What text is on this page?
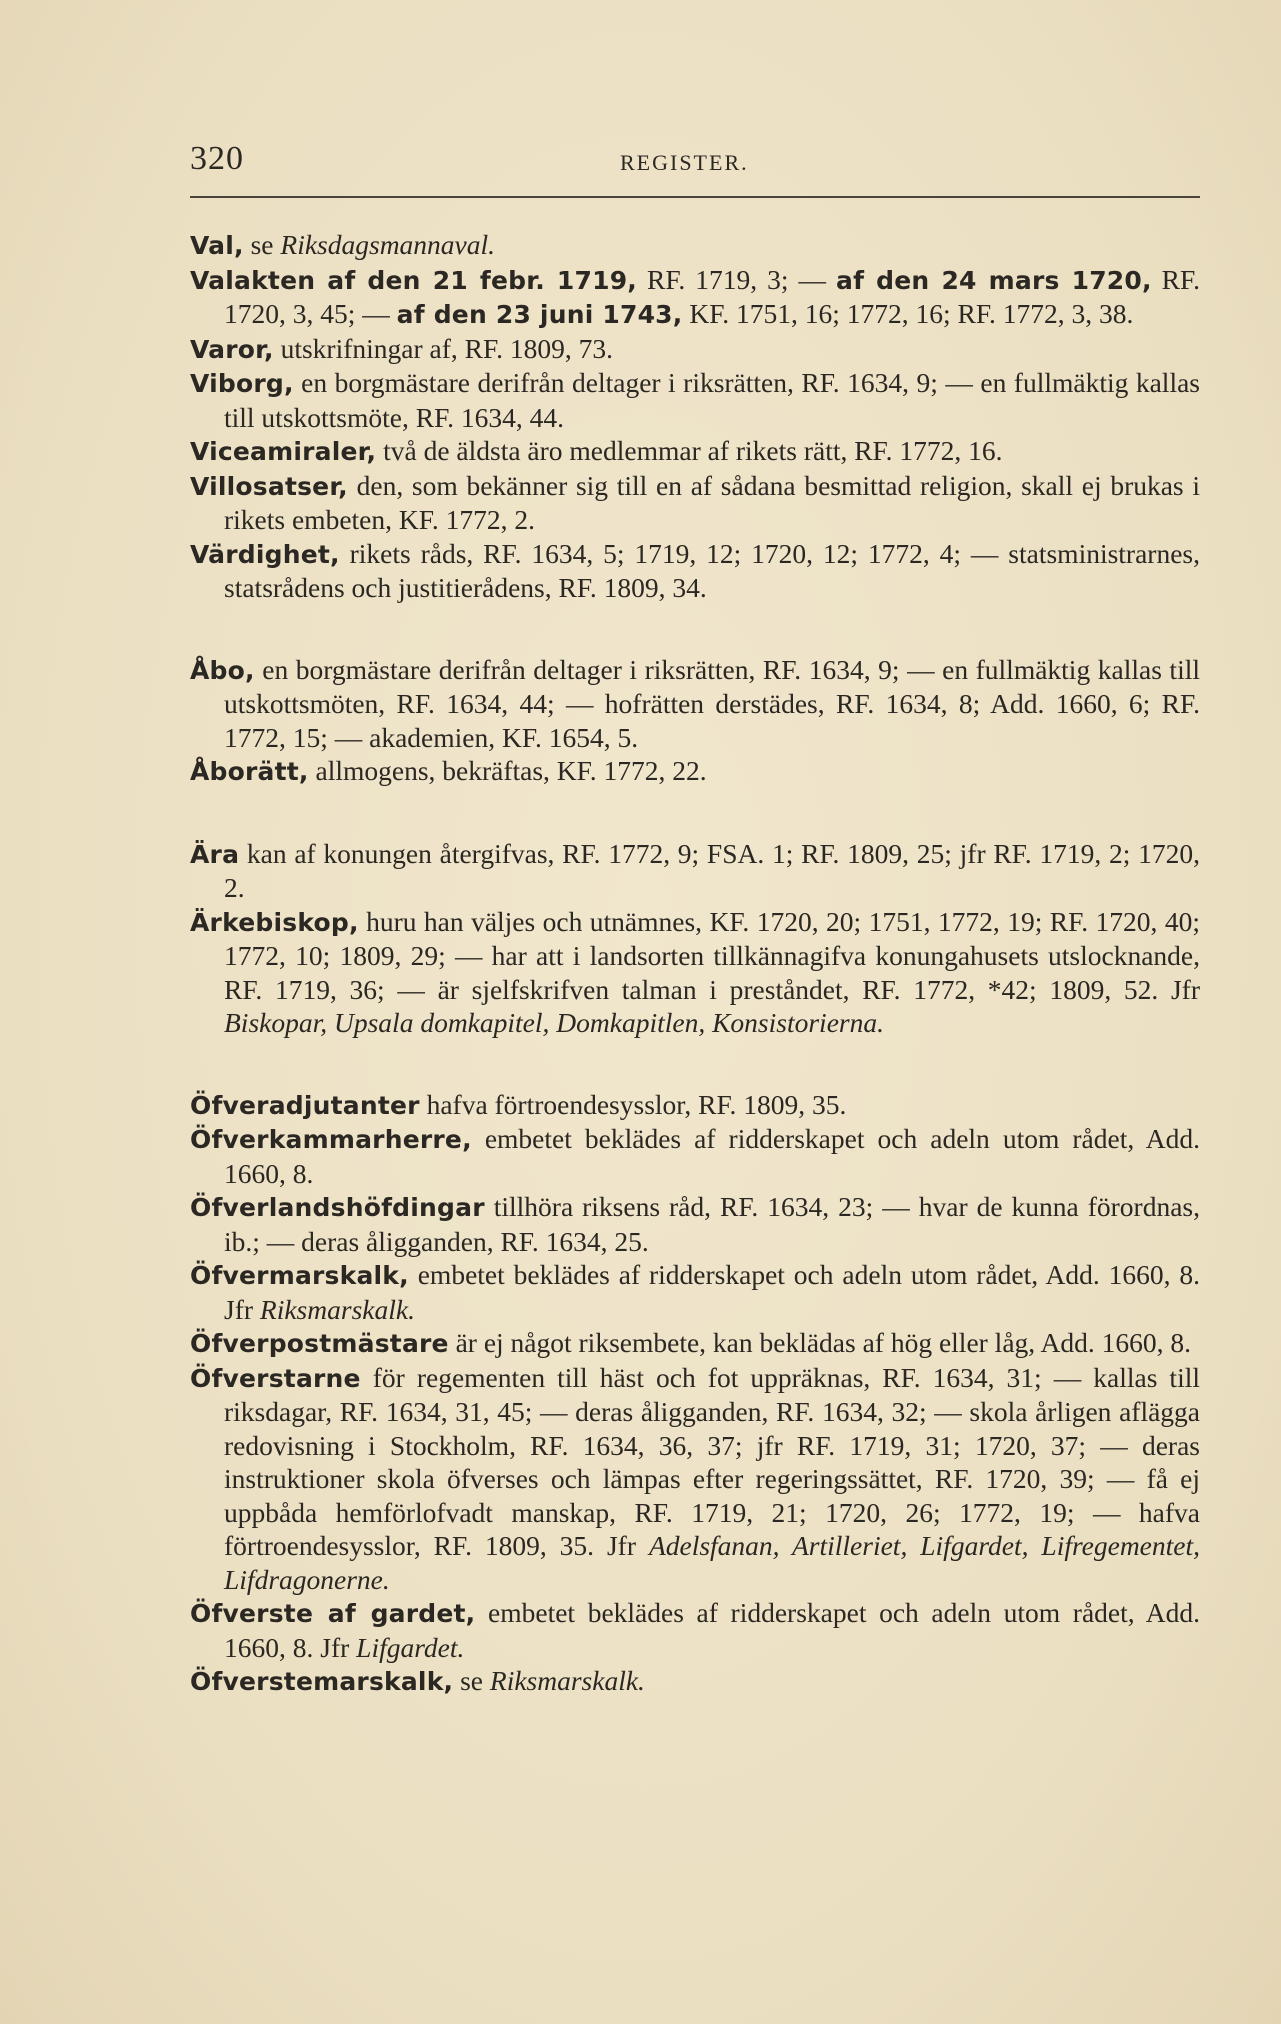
320	REGISTER.

Val, se Riksdagsmannaval.

Valakten af den 21 febr. 1719, RF. 1719, 3; — af den 24 mars 1720, RF. 1720, 3, 45; — af den 23 juni 1743, KF. 1751, 16; 1772, 16; RF. 1772, 3, 38.

Varor, utskrifningar af, RF. 1809, 73.

Viborg, en borgmästare derifrån deltager i riksrätten, RF. 1634, 9; — en fullmäktig kallas till utskottsmöte, RF. 1634, 44.

Viceamiraler, två de äldsta äro medlemmar af rikets rätt, RF. 1772, 16.

Villosatser, den, som bekänner sig till en af sådana besmittad religion, skall ej brukas i rikets embeten, KF. 1772, 2.

Värdighet, rikets råds, RF. 1634, 5; 1719, 12; 1720, 12; 1772, 4; — statsministrarnes, statsrådens och justitierådens, RF. 1809, 34.

Åbo, en borgmästare derifrån deltager i riksrätten, RF. 1634, 9; — en fullmäktig kallas till utskottsmöten, RF. 1634, 44; — hofrätten derstädes, RF. 1634, 8; Add. 1660, 6; RF. 1772, 15; — akademien, KF. 1654, 5.

Åborätt, allmogens, bekräftas, KF. 1772, 22.

Ära kan af konungen återgifvas, RF. 1772, 9; FSA. 1; RF. 1809, 25; jfr RF. 1719, 2; 1720, 2.

Ärkebiskop, huru han väljes och utnämnes, KF. 1720, 20; 1751, 1772, 19; RF. 1720, 40; 1772, 10; 1809, 29; — har att i landsorten tillkännagifva konungahusets utslocknande, RF. 1719, 36; — är sjelfskrifven talman i preståndet, RF. 1772, *42; 1809, 52. Jfr Biskopar, Upsala domkapitel, Domkapitlen, Konsistorierna.

Öfveradjutanter hafva förtroendesysslor, RF. 1809, 35.

Öfverkammarherre, embetet beklädes af ridderskapet och adeln utom rådet, Add. 1660, 8.

Öfverlandshöfdingar tillhöra riksens råd, RF. 1634, 23; — hvar de kunna förordnas, ib.; — deras åligganden, RF. 1634, 25.

Öfvermarskalk, embetet beklädes af ridderskapet och adeln utom rådet, Add. 1660, 8. Jfr Riksmarskalk.

Öfverpostmästare är ej något riksembete, kan beklädas af hög eller låg, Add. 1660, 8.

Öfverstarne för regementen till häst och fot uppräknas, RF. 1634, 31; — kallas till riksdagar, RF. 1634, 31, 45; — deras åligganden, RF. 1634, 32; — skola årligen aflägga redovisning i Stockholm, RF. 1634, 36, 37; jfr RF. 1719, 31; 1720, 37; — deras instruktioner skola öfverses och lämpas efter regeringssättet, RF. 1720, 39; — få ej uppbåda hemförlofvadt manskap, RF. 1719, 21; 1720, 26; 1772, 19; — hafva förtroendesysslor, RF. 1809, 35. Jfr Adelsfanan, Artilleriet, Lifgardet, Lifregementet, Lifdragonerne.

Öfverste af gardet, embetet beklädes af ridderskapet och adeln utom rådet, Add. 1660, 8. Jfr Lifgardet.

Öfverstemarskalk, se Riksmarskalk.
